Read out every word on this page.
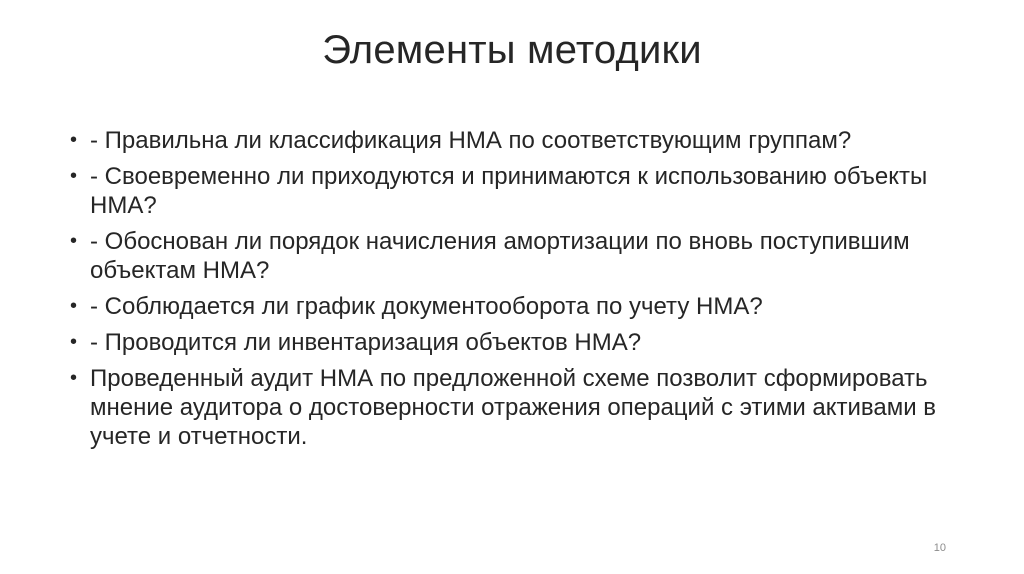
Элементы методики
• - Правильна ли классификация НМА по соответствующим группам?
• - Своевременно ли приходуются и принимаются к использованию объекты НМА?
• - Обоснован ли порядок начисления амортизации по вновь поступившим объектам НМА?
• - Соблюдается ли график документооборота по учету НМА?
• - Проводится ли инвентаризация объектов НМА?
• Проведенный аудит НМА по предложенной схеме позволит сформировать мнение аудитора о достоверности отражения операций с этими активами в учете и отчетности.
10
